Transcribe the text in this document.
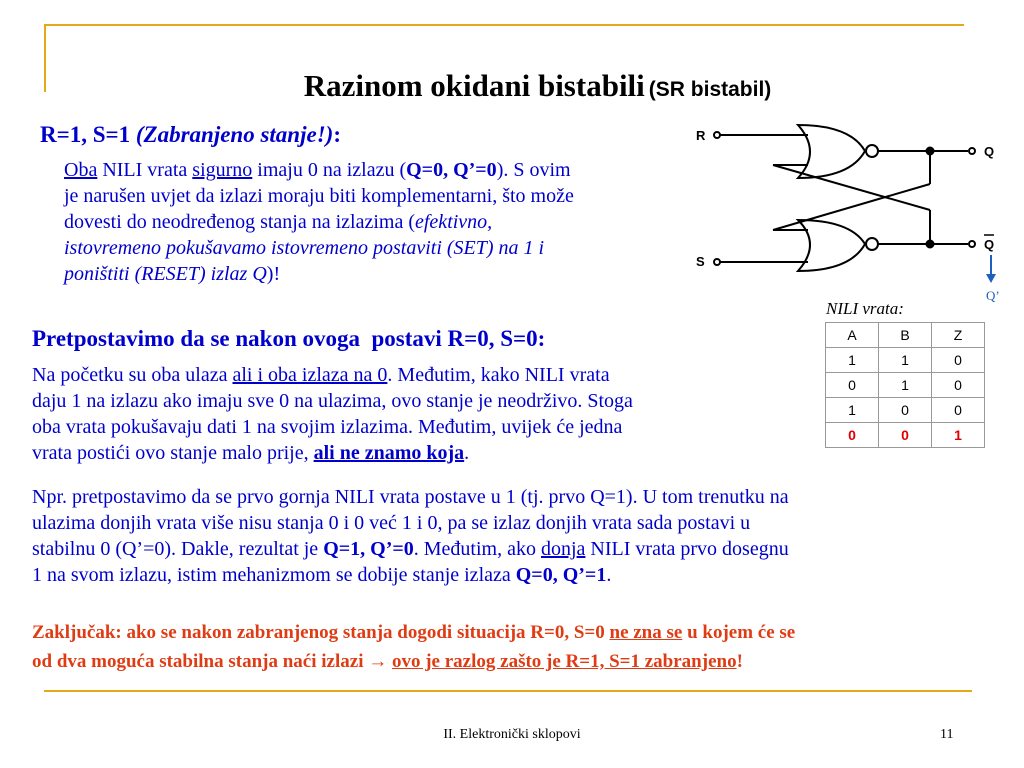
Razinom okidani bistabili (SR bistabil)
R=1, S=1 (Zabranjeno stanje!):
Oba NILI vrata sigurno imaju 0 na izlazu (Q=0, Q’=0). S ovim
je narušen uvjet da izlazi moraju biti komplementarni, što može
dovesti do neodređenog stanja na izlazima (efektivno,
istovremeno pokušavamo istovremeno postaviti (SET) na 1 i
poništiti (RESET) izlaz Q)!
R
S
Q
Q
Q’
NILI vrata:
A	B	Z
1	1	0
0	1	0
1	0	0
0	0	1
Pretpostavimo da se nakon ovoga  postavi R=0, S=0:
Na početku su oba ulaza ali i oba izlaza na 0. Međutim, kako NILI vrata
daju 1 na izlazu ako imaju sve 0 na ulazima, ovo stanje je neodrživo. Stoga
oba vrata pokušavaju dati 1 na svojim izlazima. Međutim, uvijek će jedna
vrata postići ovo stanje malo prije, ali ne znamo koja.
Npr. pretpostavimo da se prvo gornja NILI vrata postave u 1 (tj. prvo Q=1). U tom trenutku na
ulazima donjih vrata više nisu stanja 0 i 0 već 1 i 0, pa se izlaz donjih vrata sada postavi u
stabilnu 0 (Q’=0). Dakle, rezultat je Q=1, Q’=0. Međutim, ako donja NILI vrata prvo dosegnu
1 na svom izlazu, istim mehanizmom se dobije stanje izlaza Q=0, Q’=1.
Zaključak: ako se nakon zabranjenog stanja dogodi situacija R=0, S=0 ne zna se u kojem će se
od dva moguća stabilna stanja naći izlazi → ovo je razlog zašto je R=1, S=1 zabranjeno!
II. Elektronički sklopovi	11
